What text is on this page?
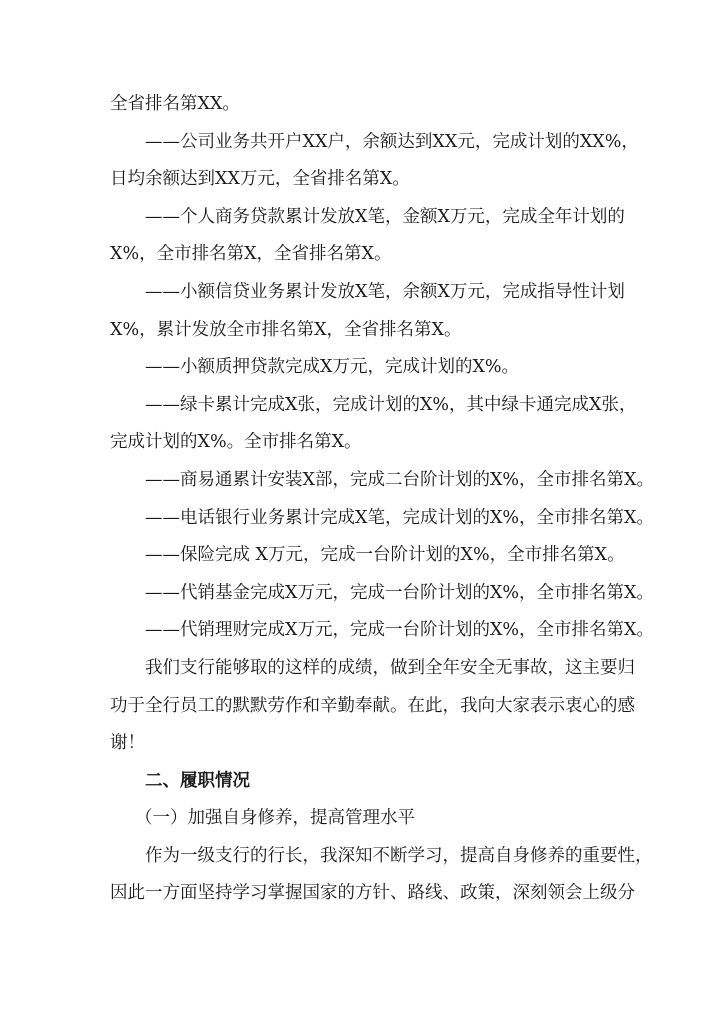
全省排名第XX。
——公司业务共开户XX户，余额达到XX元，完成计划的XX%，
日均余额达到XX万元，全省排名第X。
——个人商务贷款累计发放X笔，金额X万元，完成全年计划的
X%，全市排名第X，全省排名第X。
——小额信贷业务累计发放X笔，余额X万元，完成指导性计划
X%，累计发放全市排名第X，全省排名第X。
——小额质押贷款完成X万元，完成计划的X%。
——绿卡累计完成X张，完成计划的X%，其中绿卡通完成X张，
完成计划的X%。全市排名第X。
——商易通累计安装X部，完成二台阶计划的X%，全市排名第X。
——电话银行业务累计完成X笔，完成计划的X%，全市排名第X。
——保险完成 X万元，完成一台阶计划的X%，全市排名第X。
——代销基金完成X万元，完成一台阶计划的X%，全市排名第X。
——代销理财完成X万元，完成一台阶计划的X%，全市排名第X。
我们支行能够取的这样的成绩，做到全年安全无事故，这主要归
功于全行员工的默默劳作和辛勤奉献。在此，我向大家表示衷心的感
谢！
二、履职情况
（一）加强自身修养，提高管理水平
作为一级支行的行长，我深知不断学习，提高自身修养的重要性，
因此一方面坚持学习掌握国家的方针、路线、政策，深刻领会上级分
